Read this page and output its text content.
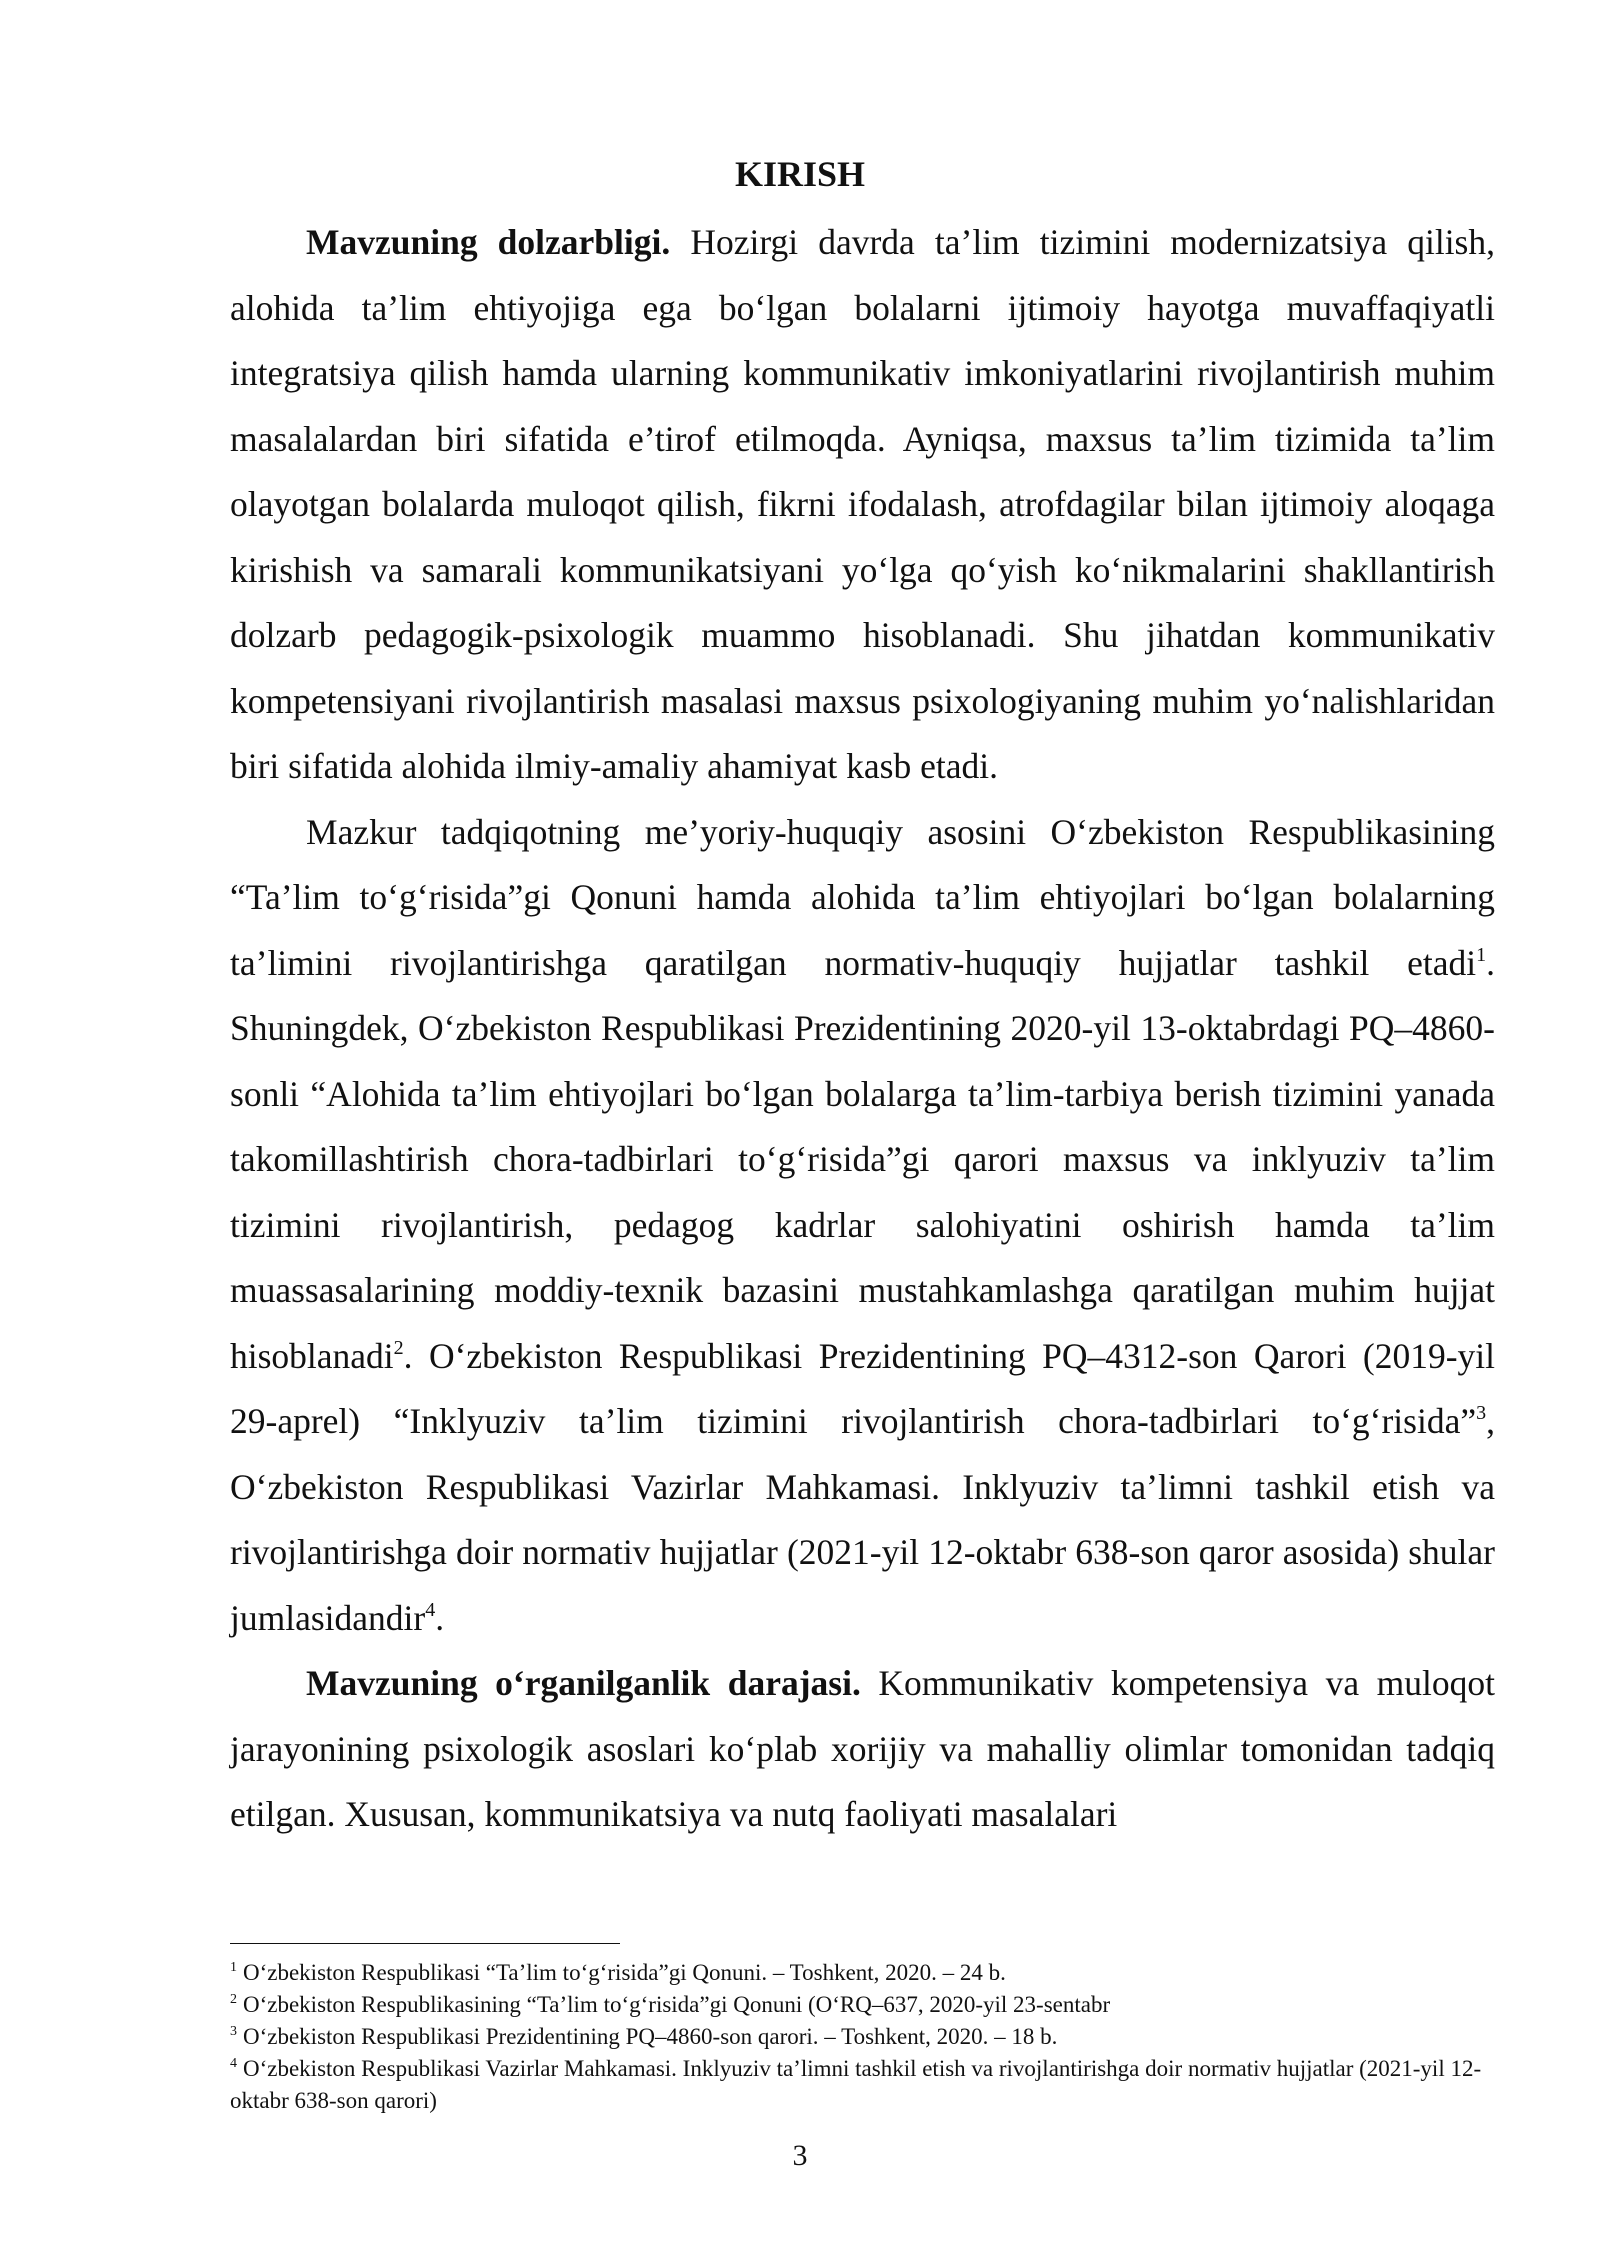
KIRISH

Mavzuning dolzarbligi. Hozirgi davrda ta’lim tizimini modernizatsiya qilish, alohida ta’lim ehtiyojiga ega bo‘lgan bolalarni ijtimoiy hayotga muvaffaqiyatli integratsiya qilish hamda ularning kommunikativ imkoniyatlarini rivojlantirish muhim masalalardan biri sifatida e’tirof etilmoqda. Ayniqsa, maxsus ta’lim tizimida ta’lim olayotgan bolalarda muloqot qilish, fikrni ifodalash, atrofdagilar bilan ijtimoiy aloqaga kirishish va samarali kommunikatsiyani yo‘lga qo‘yish ko‘nikmalarini shakllantirish dolzarb pedagogik-psixologik muammo hisoblanadi. Shu jihatdan kommunikativ kompetensiyani rivojlantirish masalasi maxsus psixologiyaning muhim yo‘nalishlaridan biri sifatida alohida ilmiy-amaliy ahamiyat kasb etadi.

Mazkur tadqiqotning me’yoriy-huquqiy asosini O‘zbekiston Respublikasining “Ta’lim to‘g‘risida”gi Qonuni hamda alohida ta’lim ehtiyojlari bo‘lgan bolalarning ta’limini rivojlantirishga qaratilgan normativ-huquqiy hujjatlar tashkil etadi$^1$. Shuningdek, O‘zbekiston Respublikasi Prezidentining 2020-yil 13-oktabrdagi PQ–4860-sonli “Alohida ta’lim ehtiyojlari bo‘lgan bolalarga ta’lim-tarbiya berish tizimini yanada takomillashtirish chora-tadbirlari to‘g‘risida”gi qarori maxsus va inklyuziv ta’lim tizimini rivojlantirish, pedagog kadrlar salohiyatini oshirish hamda ta’lim muassasalarining moddiy-texnik bazasini mustahkamlashga qaratilgan muhim hujjat hisoblanadi$^2$. O‘zbekiston Respublikasi Prezidentining PQ–4312-son Qarori (2019-yil 29-aprel) “Inklyuziv ta’lim tizimini rivojlantirish chora-tadbirlari to‘g‘risida”$^3$, O‘zbekiston Respublikasi Vazirlar Mahkamasi. Inklyuziv ta’limni tashkil etish va rivojlantirishga doir normativ hujjatlar (2021-yil 12-oktabr 638-son qaror asosida) shular jumlasidandir$^4$.

Mavzuning o‘rganilganlik darajasi. Kommunikativ kompetensiya va muloqot jarayonining psixologik asoslari ko‘plab xorijiy va mahalliy olimlar tomonidan tadqiq etilgan. Xususan, kommunikatsiya va nutq faoliyati masalalari

$^1$ O‘zbekiston Respublikasi “Ta’lim to‘g‘risida”gi Qonuni. – Toshkent, 2020. – 24 b.
$^2$ O‘zbekiston Respublikasining “Ta’lim to‘g‘risida”gi Qonuni (O‘RQ–637, 2020-yil 23-sentabr
$^3$ O‘zbekiston Respublikasi Prezidentining PQ–4860-son qarori. – Toshkent, 2020. – 18 b.
$^4$ O‘zbekiston Respublikasi Vazirlar Mahkamasi. Inklyuziv ta’limni tashkil etish va rivojlantirishga doir normativ hujjatlar (2021-yil 12-oktabr 638-son qarori)
3
